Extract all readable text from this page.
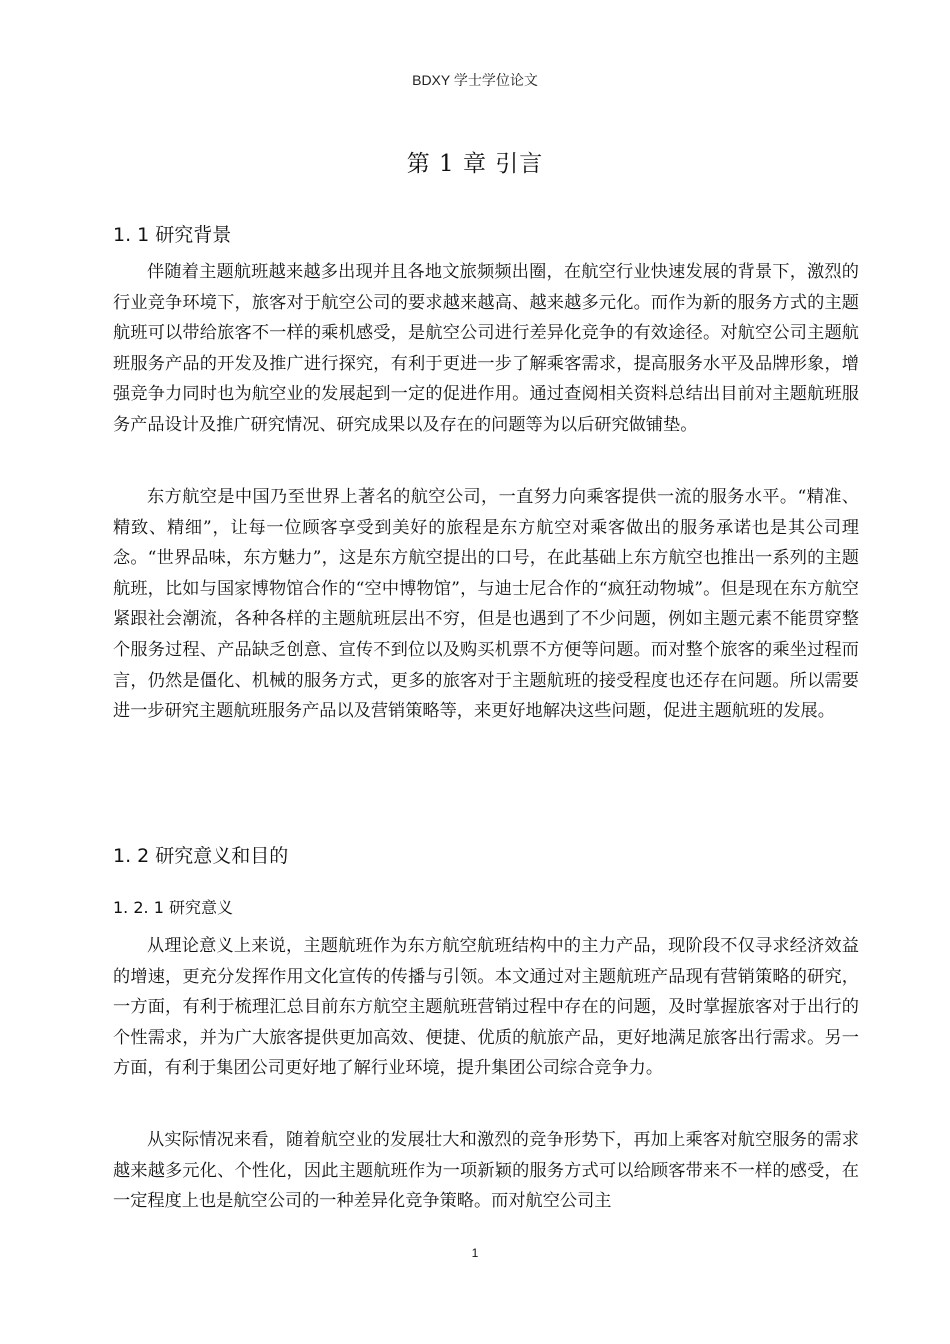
BDXY 学士学位论文
第 1 章 引言
1. 1 研究背景

伴随着主题航班越来越多出现并且各地文旅频频出圈，在航空行业快速发展的背景下，激烈的行业竞争环境下，旅客对于航空公司的要求越来越高、越来越多元化。而作为新的服务方式的主题航班可以带给旅客不一样的乘机感受，是航空公司进行差异化竞争的有效途径。对航空公司主题航班服务产品的开发及推广进行探究，有利于更进一步了解乘客需求，提高服务水平及品牌形象，增强竞争力同时也为航空业的发展起到一定的促进作用。通过查阅相关资料总结出目前对主题航班服务产品设计及推广研究情况、研究成果以及存在的问题等为以后研究做铺垫。

东方航空是中国乃至世界上著名的航空公司，一直努力向乘客提供一流的服务水平。“精准、精致、精细”，让每一位顾客享受到美好的旅程是东方航空对乘客做出的服务承诺也是其公司理念。“世界品味，东方魅力”，这是东方航空提出的口号，在此基础上东方航空也推出一系列的主题航班，比如与国家博物馆合作的“空中博物馆”，与迪士尼合作的“疯狂动物城”。但是现在东方航空紧跟社会潮流，各种各样的主题航班层出不穷，但是也遇到了不少问题，例如主题元素不能贯穿整个服务过程、产品缺乏创意、宣传不到位以及购买机票不方便等问题。而对整个旅客的乘坐过程而言，仍然是僵化、机械的服务方式，更多的旅客对于主题航班的接受程度也还存在问题。所以需要进一步研究主题航班服务产品以及营销策略等，来更好地解决这些问题，促进主题航班的发展。

1. 2 研究意义和目的
1. 2. 1 研究意义

从理论意义上来说，主题航班作为东方航空航班结构中的主力产品，现阶段不仅寻求经济效益的增速，更充分发挥作用文化宣传的传播与引领。本文通过对主题航班产品现有营销策略的研究，一方面，有利于梳理汇总目前东方航空主题航班营销过程中存在的问题，及时掌握旅客对于出行的个性需求，并为广大旅客提供更加高效、便捷、优质的航旅产品，更好地满足旅客出行需求。另一方面，有利于集团公司更好地了解行业环境，提升集团公司综合竞争力。

从实际情况来看，随着航空业的发展壮大和激烈的竞争形势下，再加上乘客对航空服务的需求越来越多元化、个性化，因此主题航班作为一项新颖的服务方式可以给顾客带来不一样的感受，在一定程度上也是航空公司的一种差异化竞争策略。而对航空公司主

1
